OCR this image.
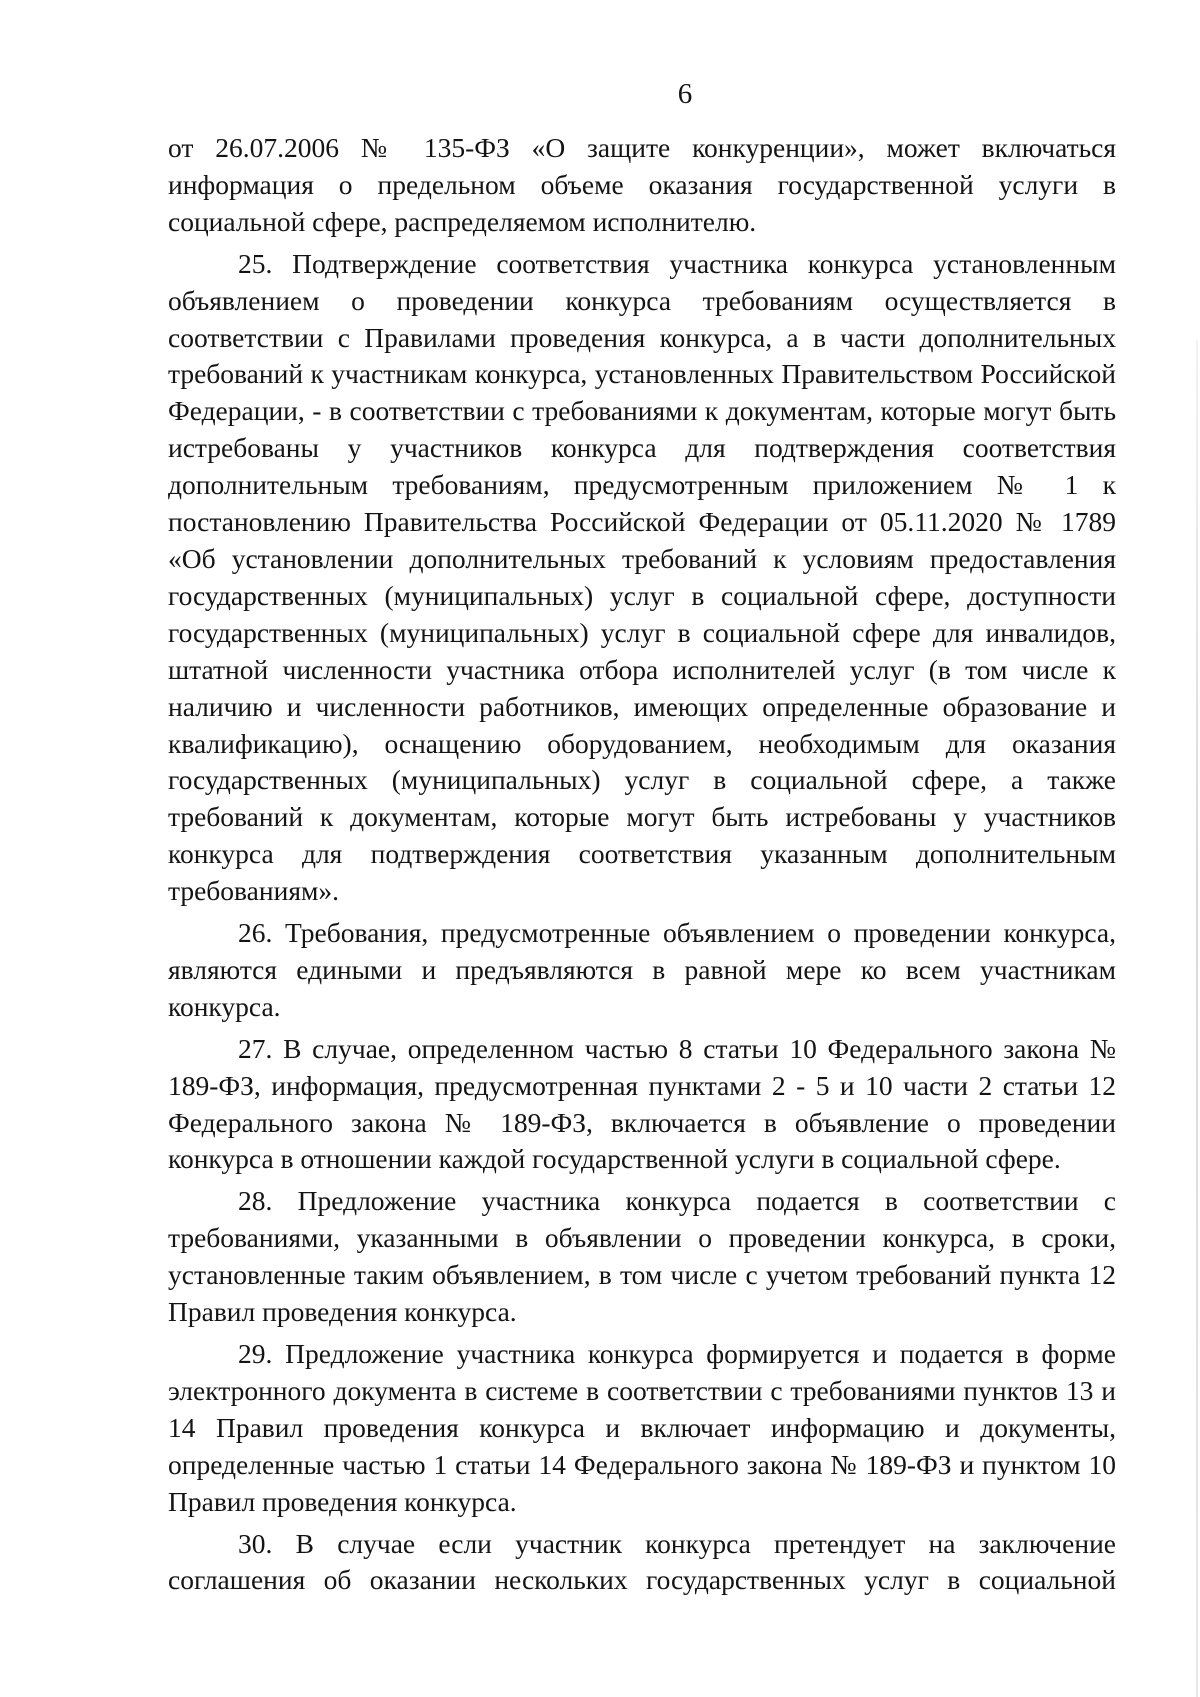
6

от 26.07.2006 № 135-ФЗ «О защите конкуренции», может включаться информация о предельном объеме оказания государственной услуги в социальной сфере, распределяемом исполнителю.

25. Подтверждение соответствия участника конкурса установленным объявлением о проведении конкурса требованиям осуществляется в соответствии с Правилами проведения конкурса, а в части дополнительных требований к участникам конкурса, установленных Правительством Российской Федерации, - в соответствии с требованиями к документам, которые могут быть истребованы у участников конкурса для подтверждения соответствия дополнительным требованиям, предусмотренным приложением № 1 к постановлению Правительства Российской Федерации от 05.11.2020 № 1789 «Об установлении дополнительных требований к условиям предоставления государственных (муниципальных) услуг в социальной сфере, доступности государственных (муниципальных) услуг в социальной сфере для инвалидов, штатной численности участника отбора исполнителей услуг (в том числе к наличию и численности работников, имеющих определенные образование и квалификацию), оснащению оборудованием, необходимым для оказания государственных (муниципальных) услуг в социальной сфере, а также требований к документам, которые могут быть истребованы у участников конкурса для подтверждения соответствия указанным дополнительным требованиям».

26. Требования, предусмотренные объявлением о проведении конкурса, являются едиными и предъявляются в равной мере ко всем участникам конкурса.

27. В случае, определенном частью 8 статьи 10 Федерального закона № 189-ФЗ, информация, предусмотренная пунктами 2 - 5 и 10 части 2 статьи 12 Федерального закона № 189-ФЗ, включается в объявление о проведении конкурса в отношении каждой государственной услуги в социальной сфере.

28. Предложение участника конкурса подается в соответствии с требованиями, указанными в объявлении о проведении конкурса, в сроки, установленные таким объявлением, в том числе с учетом требований пункта 12 Правил проведения конкурса.

29. Предложение участника конкурса формируется и подается в форме электронного документа в системе в соответствии с требованиями пунктов 13 и 14 Правил проведения конкурса и включает информацию и документы, определенные частью 1 статьи 14 Федерального закона № 189-ФЗ и пунктом 10 Правил проведения конкурса.

30. В случае если участник конкурса претендует на заключение соглашения об оказании нескольких государственных услуг в социальной
